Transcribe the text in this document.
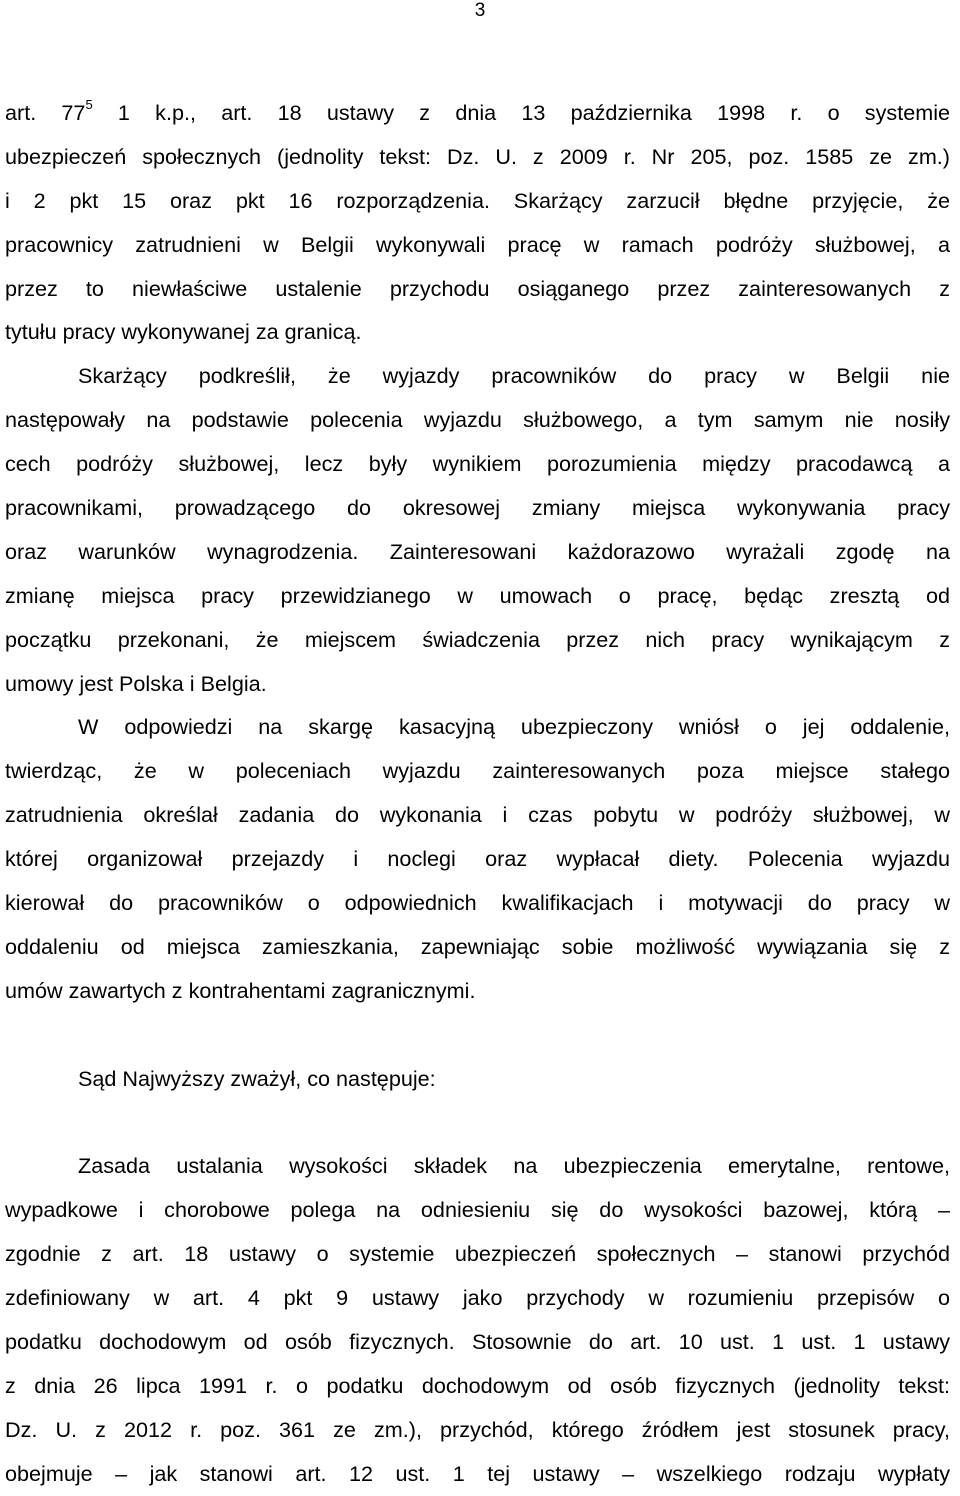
3
art. $77^5$ 1 k.p., art. 18 ustawy z dnia 13 października 1998 r. o systemie
ubezpieczeń społecznych (jednolity tekst: Dz. U. z 2009 r. Nr 205, poz. 1585 ze zm.)
i 2 pkt 15 oraz pkt 16 rozporządzenia. Skarżący zarzucił błędne przyjęcie, że
pracownicy zatrudnieni w Belgii wykonywali pracę w ramach podróży służbowej, a
przez to niewłaściwe ustalenie przychodu osiąganego przez zainteresowanych z
tytułu pracy wykonywanej za granicą.
Skarżący podkreślił, że wyjazdy pracowników do pracy w Belgii nie
następowały na podstawie polecenia wyjazdu służbowego, a tym samym nie nosiły
cech podróży służbowej, lecz były wynikiem porozumienia między pracodawcą a
pracownikami, prowadzącego do okresowej zmiany miejsca wykonywania pracy
oraz warunków wynagrodzenia. Zainteresowani każdorazowo wyrażali zgodę na
zmianę miejsca pracy przewidzianego w umowach o pracę, będąc zresztą od
początku przekonani, że miejscem świadczenia przez nich pracy wynikającym z
umowy jest Polska i Belgia.
W odpowiedzi na skargę kasacyjną ubezpieczony wniósł o jej oddalenie,
twierdząc, że w poleceniach wyjazdu zainteresowanych poza miejsce stałego
zatrudnienia określał zadania do wykonania i czas pobytu w podróży służbowej, w
której organizował przejazdy i noclegi oraz wypłacał diety. Polecenia wyjazdu
kierował do pracowników o odpowiednich kwalifikacjach i motywacji do pracy w
oddaleniu od miejsca zamieszkania, zapewniając sobie możliwość wywiązania się z
umów zawartych z kontrahentami zagranicznymi.
Sąd Najwyższy zważył, co następuje:
Zasada ustalania wysokości składek na ubezpieczenia emerytalne, rentowe,
wypadkowe i chorobowe polega na odniesieniu się do wysokości bazowej, którą –
zgodnie z art. 18 ustawy o systemie ubezpieczeń społecznych – stanowi przychód
zdefiniowany w art. 4 pkt 9 ustawy jako przychody w rozumieniu przepisów o
podatku dochodowym od osób fizycznych. Stosownie do art. 10 ust. 1 ust. 1 ustawy
z dnia 26 lipca 1991 r. o podatku dochodowym od osób fizycznych (jednolity tekst:
Dz. U. z 2012 r. poz. 361 ze zm.), przychód, którego źródłem jest stosunek pracy,
obejmuje – jak stanowi art. 12 ust. 1 tej ustawy – wszelkiego rodzaju wypłaty
